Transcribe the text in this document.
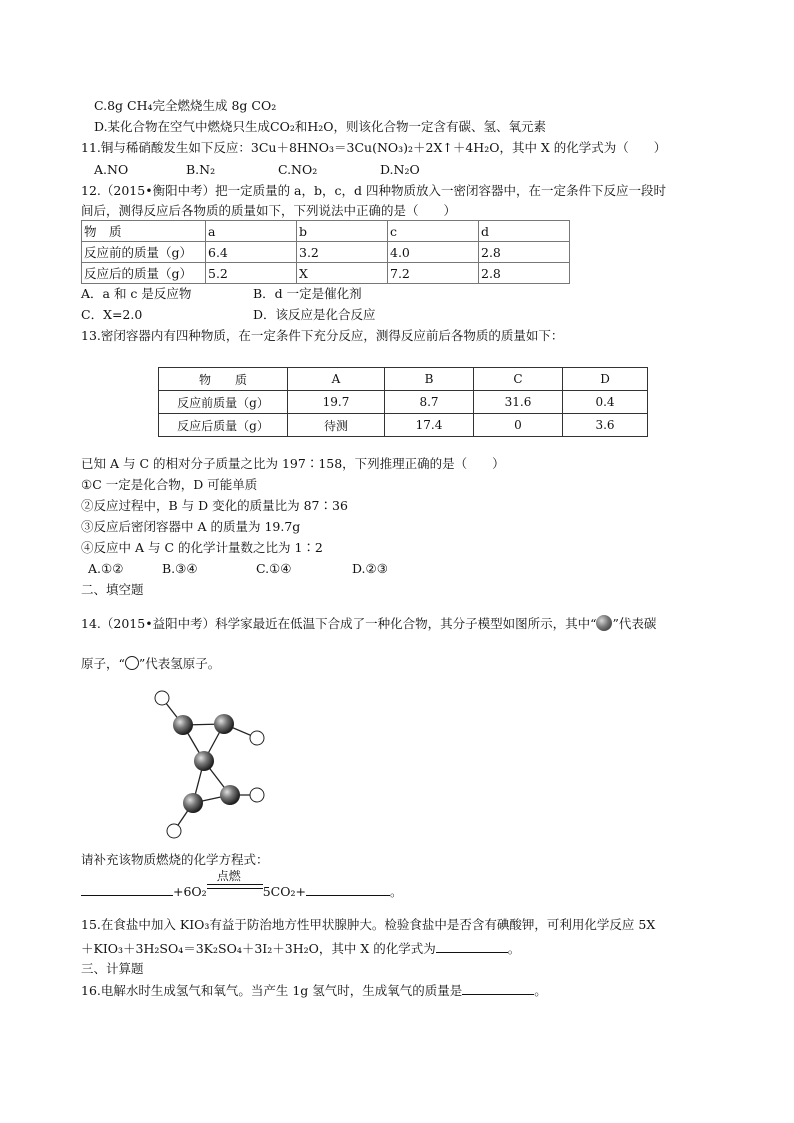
C.8g CH₄完全燃烧生成 8g CO₂
D.某化合物在空气中燃烧只生成CO₂和H₂O，则该化合物一定含有碳、氢、氧元素
11.铜与稀硝酸发生如下反应：3Cu＋8HNO₃＝3Cu(NO₃)₂＋2X↑＋4H₂O，其中 X 的化学式为（　　）
A.NO	B.N₂	C.NO₂	D.N₂O
12.（2015•衡阳中考）把一定质量的 a，b，c，d 四种物质放入一密闭容器中，在一定条件下反应一段时
间后，测得反应后各物质的质量如下，下列说法中正确的是（　　）
物　质	a	b	c	d
反应前的质量（g）	6.4	3.2	4.0	2.8
反应后的质量（g）	5.2	X	7.2	2.8
A．a 和 c 是反应物	B．d 一定是催化剂
C．X=2.0	D．该反应是化合反应
13.密闭容器内有四种物质，在一定条件下充分反应，测得反应前后各物质的质量如下：
物　　质	A	B	C	D
反应前质量（g）	19.7	8.7	31.6	0.4
反应后质量（g）	待测	17.4	0	3.6
已知 A 与 C 的相对分子质量之比为 197∶158，下列推理正确的是（　　）
①C 一定是化合物，D 可能单质
②反应过程中，B 与 D 变化的质量比为 87∶36
③反应后密闭容器中 A 的质量为 19.7g
④反应中 A 与 C 的化学计量数之比为 1∶2
A.①②	B.③④	C.①④	D.②③
二、填空题
14.（2015•益阳中考）科学家最近在低温下合成了一种化合物，其分子模型如图所示，其中“ ”代表碳
原子，“ ”代表氢原子。
请补充该物质燃烧的化学方程式：
+6O₂
点燃
5CO₂+	。
15.在食盐中加入 KIO₃有益于防治地方性甲状腺肿大。检验食盐中是否含有碘酸钾，可利用化学反应 5X
＋KIO₃＋3H₂SO₄＝3K₂SO₄＋3I₂＋3H₂O，其中 X 的化学式为	。
三、计算题
16.电解水时生成氢气和氧气。当产生 1g 氢气时，生成氧气的质量是	。
